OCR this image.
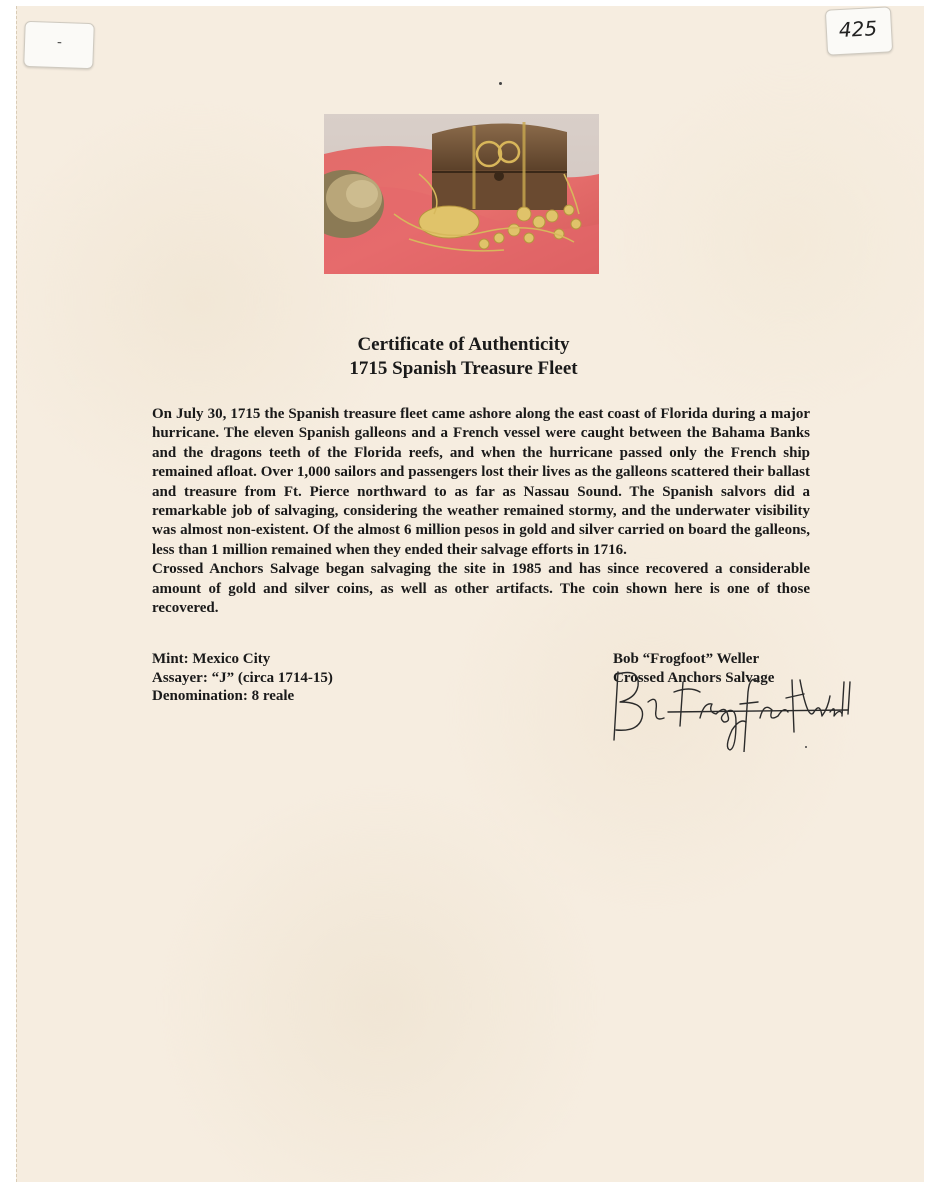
-
425
Certificate of Authenticity
1715 Spanish Treasure Fleet

On July 30, 1715 the Spanish treasure fleet came ashore along the east coast of Florida during a major hurricane. The eleven Spanish galleons and a French vessel were caught between the Bahama Banks and the dragons teeth of the Florida reefs, and when the hurricane passed only the French ship remained afloat. Over 1,000 sailors and passengers lost their lives as the galleons scattered their ballast and treasure from Ft. Pierce northward to as far as Nassau Sound. The Spanish salvors did a remarkable job of salvaging, considering the weather remained stormy, and the underwater visibility was almost non-existent. Of the almost 6 million pesos in gold and silver carried on board the galleons, less than 1 million remained when they ended their salvage efforts in 1716.

Crossed Anchors Salvage began salvaging the site in 1985 and has since recovered a considerable amount of gold and silver coins, as well as other artifacts. The coin shown here is one of those recovered.

Mint: Mexico City
Assayer: “J” (circa 1714-15)
Denomination: 8 reale
Bob “Frogfoot” Weller
Crossed Anchors Salvage
